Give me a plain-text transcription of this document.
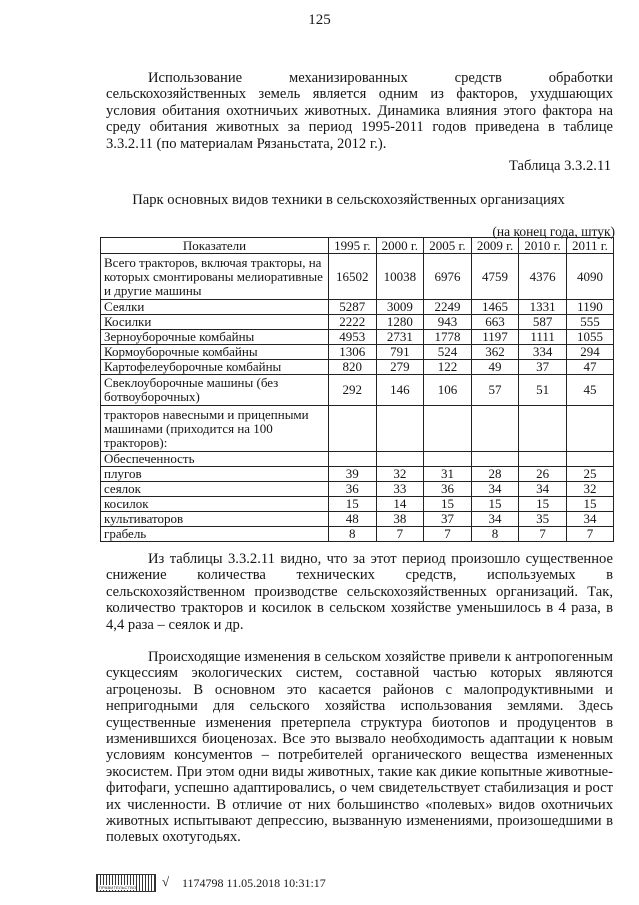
125

Использование механизированных средств обработки сельскохозяйственных земель является одним из факторов, ухудшающих условия обитания охотничьих животных. Динамика влияния этого фактора на среду обитания животных за период 1995-2011 годов приведена в таблице 3.3.2.11 (по материалам Рязаньстата, 2012 г.).

Таблица 3.3.2.11
Парк основных видов техники в сельскохозяйственных организациях
(на конец года, штук)
Показатели	1995 г.	2000 г.	2005 г.	2009 г.	2010 г.	2011 г.
Всего тракторов, включая тракторы, на которых смонтированы мелиоративные и другие машины	16502	10038	6976	4759	4376	4090
Сеялки	5287	3009	2249	1465	1331	1190
Косилки	2222	1280	943	663	587	555
Зерноуборочные комбайны	4953	2731	1778	1197	1111	1055
Кормоуборочные комбайны	1306	791	524	362	334	294
Картофелеуборочные комбайны	820	279	122	49	37	47
Свеклоуборочные машины (без ботвоуборочных)	292	146	106	57	51	45
тракторов навесными и прицепными машинами (приходится на 100 тракторов):						
Обеспеченность						
плугов	39	32	31	28	26	25
сеялок	36	33	36	34	34	32
косилок	15	14	15	15	15	15
культиваторов	48	38	37	34	35	34
грабель	8	7	7	8	7	7

Из таблицы 3.3.2.11 видно, что за этот период произошло существенное снижение количества технических средств, используемых в сельскохозяйственном производстве сельскохозяйственных организаций. Так, количество тракторов и косилок в сельском хозяйстве уменьшилось в 4 раза, в 4,4 раза – сеялок и др.

Происходящие изменения в сельском хозяйстве привели к антропогенным сукцессиям экологических систем, составной частью которых являются агроценозы. В основном это касается районов с малопродуктивными и непригодными для сельского хозяйства использования землями. Здесь существенные изменения претерпела структура биотопов и продуцентов в изменившихся биоценозах. Все это вызвало необходимость адаптации к новым условиям консументов – потребителей органического вещества измененных экосистем. При этом одни виды животных, такие как дикие копытные животные-фитофаги, успешно адаптировались, о чем свидетельствует стабилизация и рост их численности. В отличие от них большинство «полевых» видов охотничьих животных испытывают депрессию, вызванную изменениями, произошедшими в полевых охотугодьях.

ПРАВИТЕЛЬСТВО √ 1174798 11.05.2018 10:31:17
